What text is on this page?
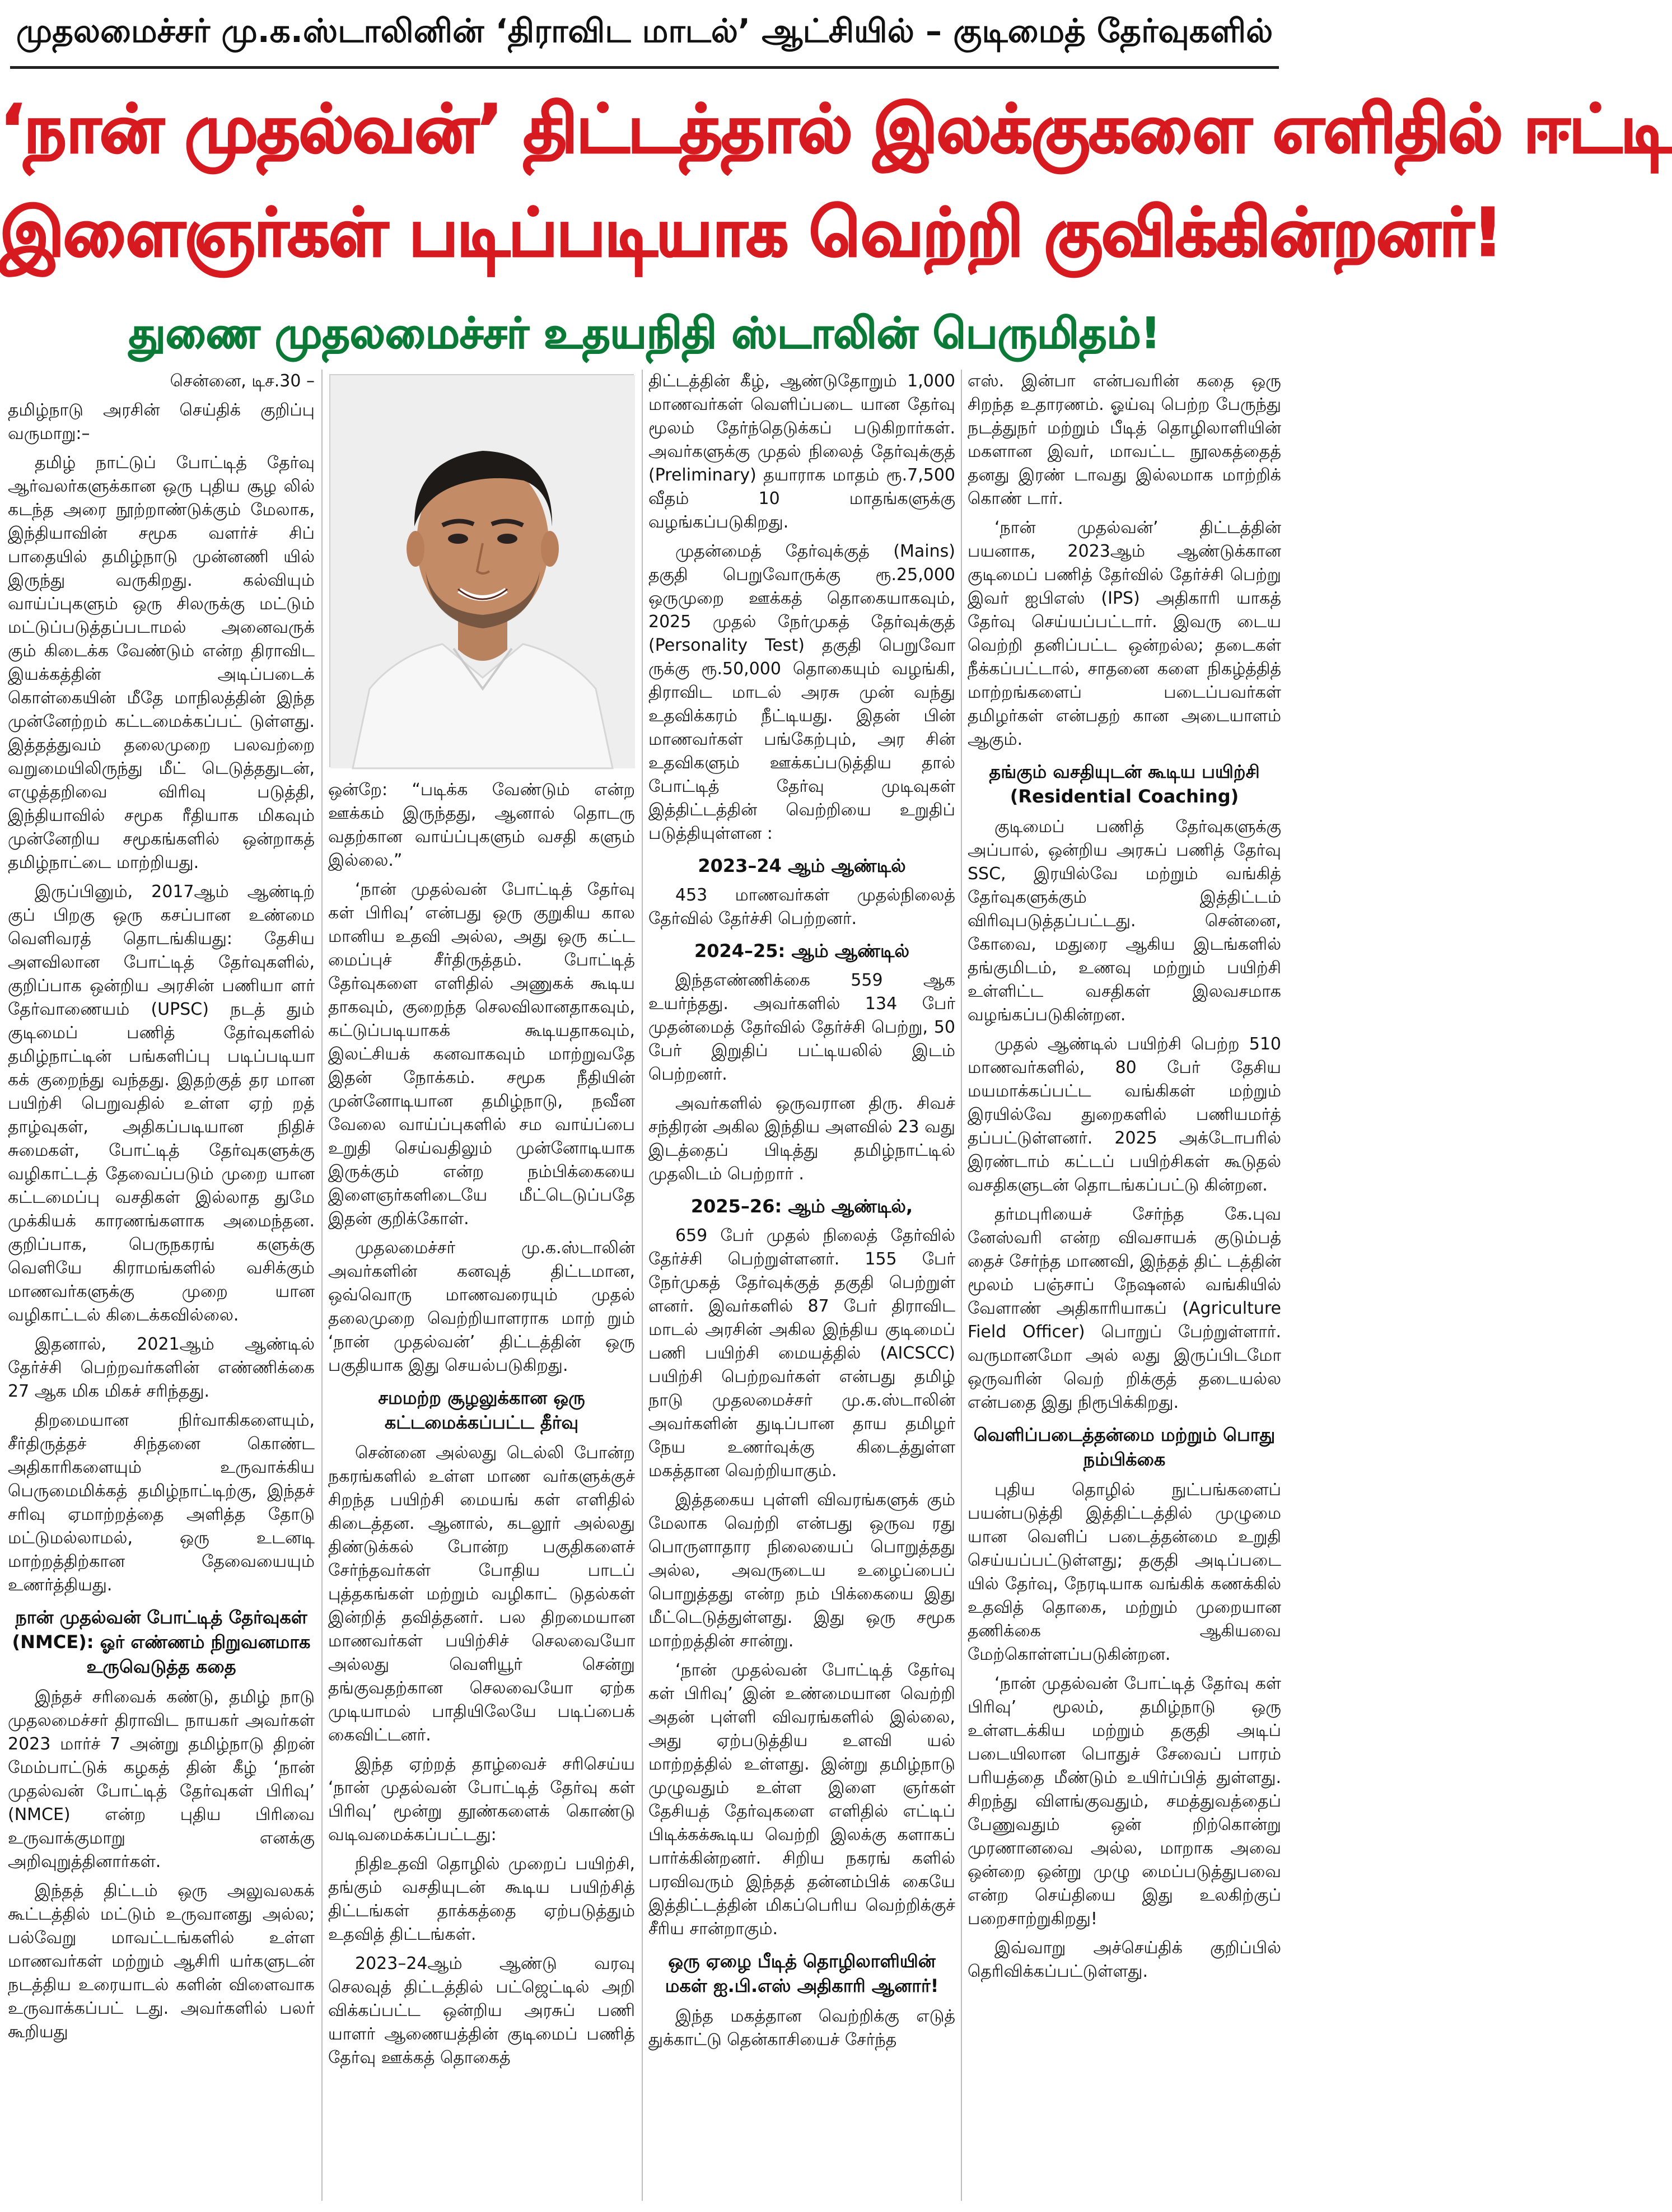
முதலமைச்சர் மு.க.ஸ்டாலினின் ‘திராவிட மாடல்’ ஆட்சியில் – குடிமைத் தேர்வுகளில்
‘நான் முதல்வன்’ திட்டத்தால் இலக்குகளை எளிதில் ஈட்டி
இளைஞர்கள் படிப்படியாக வெற்றி குவிக்கின்றனர்!
துணை முதலமைச்சர் உதயநிதி ஸ்டாலின் பெருமிதம்!

சென்னை, டிச.30 –

தமிழ்நாடு அரசின் செய்திக் குறிப்பு வருமாறு:–

தமிழ் நாட்டுப் போட்டித் தேர்வு ஆர்வலர்களுக்கான ஒரு புதிய சூழ லில் கடந்த அரை நூற்றாண்டுக்கும் மேலாக, இந்தியாவின் சமூக வளர்ச் சிப் பாதையில் தமிழ்நாடு முன்னணி யில் இருந்து வருகிறது. கல்வியும் வாய்ப்புகளும் ஒரு சிலருக்கு மட்டும் மட்டுப்படுத்தப்படாமல் அனைவருக் கும் கிடைக்க வேண்டும் என்ற திராவிட இயக்கத்தின் அடிப்படைக் கொள்கையின் மீதே மாநிலத்தின் இந்த முன்னேற்றம் கட்டமைக்கப்பட் டுள்ளது. இத்தத்துவம் தலைமுறை பலவற்றை வறுமையிலிருந்து மீட் டெடுத்ததுடன், எழுத்தறிவை விரிவு படுத்தி, இந்தியாவில் சமூக ரீதியாக மிகவும் முன்னேறிய சமூகங்களில் ஒன்றாகத் தமிழ்நாட்டை மாற்றியது.

இருப்பினும், 2017ஆம் ஆண்டிற் குப் பிறகு ஒரு கசப்பான உண்மை வெளிவரத் தொடங்கியது: தேசிய அளவிலான போட்டித் தேர்வுகளில், குறிப்பாக ஒன்றிய அரசின் பணியா ளர் தேர்வாணையம் (UPSC) நடத் தும் குடிமைப் பணித் தேர்வுகளில் தமிழ்நாட்டின் பங்களிப்பு படிப்படியா கக் குறைந்து வந்தது. இதற்குத் தர மான பயிற்சி பெறுவதில் உள்ள ஏற் றத் தாழ்வுகள், அதிகப்படியான நிதிச் சுமைகள், போட்டித் தேர்வுகளுக்கு வழிகாட்டத் தேவைப்படும் முறை யான கட்டமைப்பு வசதிகள் இல்லாத துமே முக்கியக் காரணங்களாக அமைந்தன. குறிப்பாக, பெருநகரங் களுக்கு வெளியே கிராமங்களில் வசிக்கும் மாணவர்களுக்கு முறை யான வழிகாட்டல் கிடைக்கவில்லை.

இதனால், 2021ஆம் ஆண்டில் தேர்ச்சி பெற்றவர்களின் எண்ணிக்கை 27 ஆக மிக மிகச் சரிந்தது.

திறமையான நிர்வாகிகளையும், சீர்திருத்தச் சிந்தனை கொண்ட அதிகாரிகளையும் உருவாக்கிய பெருமைமிக்கத் தமிழ்நாட்டிற்கு, இந்தச் சரிவு ஏமாற்றத்தை அளித்த தோடு மட்டுமல்லாமல், ஒரு உடனடி மாற்றத்திற்கான தேவையையும் உணர்த்தியது.

நான் முதல்வன் போட்டித் தேர்வுகள் (NMCE): ஓர் எண்ணம் நிறுவனமாக உருவெடுத்த கதை

இந்தச் சரிவைக் கண்டு, தமிழ் நாடு முதலமைச்சர் திராவிட நாயகர் அவர்கள் 2023 மார்ச் 7 அன்று தமிழ்நாடு திறன் மேம்பாட்டுக் கழகத் தின் கீழ் ‘நான் முதல்வன் போட்டித் தேர்வுகள் பிரிவு’ (NMCE) என்ற புதிய பிரிவை உருவாக்குமாறு எனக்கு அறிவுறுத்தினார்கள்.

இந்தத் திட்டம் ஒரு அலுவலகக் கூட்டத்தில் மட்டும் உருவானது அல்ல; பல்வேறு மாவட்டங்களில் உள்ள மாணவர்கள் மற்றும் ஆசிரி யர்களுடன் நடத்திய உரையாடல் களின் விளைவாக உருவாக்கப்பட் டது. அவர்களில் பலர் கூறியது

ஒன்றே: “படிக்க வேண்டும் என்ற ஊக்கம் இருந்தது, ஆனால் தொடரு வதற்கான வாய்ப்புகளும் வசதி களும் இல்லை.”

‘நான் முதல்வன் போட்டித் தேர்வு கள் பிரிவு’ என்பது ஒரு குறுகிய கால மானிய உதவி அல்ல, அது ஒரு கட்ட மைப்புச் சீர்திருத்தம். போட்டித் தேர்வுகளை எளிதில் அணுகக் கூடிய தாகவும், குறைந்த செலவிலானதாகவும், கட்டுப்படியாகக் கூடியதாகவும், இலட்சியக் கனவாகவும் மாற்றுவதே இதன் நோக்கம். சமூக நீதியின் முன்னோடியான தமிழ்நாடு, நவீன வேலை வாய்ப்புகளில் சம வாய்ப்பை உறுதி செய்வதிலும் முன்னோடியாக இருக்கும் என்ற நம்பிக்கையை இளைஞர்களிடையே மீட்டெடுப்பதே இதன் குறிக்கோள்.

முதலமைச்சர் மு.க.ஸ்டாலின் அவர்களின் கனவுத் திட்டமான, ஒவ்வொரு மாணவரையும் முதல் தலைமுறை வெற்றியாளராக மாற் றும் ‘நான் முதல்வன்’ திட்டத்தின் ஒரு பகுதியாக இது செயல்படுகிறது.

சமமற்ற சூழலுக்கான ஒரு கட்டமைக்கப்பட்ட தீர்வு

சென்னை அல்லது டெல்லி போன்ற நகரங்களில் உள்ள மாண வர்களுக்குச் சிறந்த பயிற்சி மையங் கள் எளிதில் கிடைத்தன. ஆனால், கடலூர் அல்லது திண்டுக்கல் போன்ற பகுதிகளைச் சேர்ந்தவர்கள் போதிய பாடப் புத்தகங்கள் மற்றும் வழிகாட் டுதல்கள் இன்றித் தவித்தனர். பல திறமையான மாணவர்கள் பயிற்சிச் செலவையோ அல்லது வெளியூர் சென்று தங்குவதற்கான செலவையோ ஏற்க முடியாமல் பாதியிலேயே படிப்பைக் கைவிட்டனர்.

இந்த ஏற்றத் தாழ்வைச் சரிசெய்ய ‘நான் முதல்வன் போட்டித் தேர்வு கள் பிரிவு’ மூன்று தூண்களைக் கொண்டு வடிவமைக்கப்பட்டது:

நிதிஉதவி தொழில் முறைப் பயிற்சி, தங்கும் வசதியுடன் கூடிய பயிற்சித் திட்டங்கள் தாக்கத்தை ஏற்படுத்தும் உதவித் திட்டங்கள்.

2023–24ஆம் ஆண்டு வரவு செலவுத் திட்டத்தில் பட்ஜெட்டில் அறி விக்கப்பட்ட ஒன்றிய அரசுப் பணி யாளர் ஆணையத்தின் குடிமைப் பணித் தேர்வு ஊக்கத் தொகைத்

திட்டத்தின் கீழ், ஆண்டுதோறும் 1,000 மாணவர்கள் வெளிப்படை யான தேர்வு மூலம் தேர்ந்தெடுக்கப் படுகிறார்கள். அவர்களுக்கு முதல் நிலைத் தேர்வுக்குத் (Preliminary) தயாராக மாதம் ரூ.7,500 வீதம் 10 மாதங்களுக்கு வழங்கப்படுகிறது.

முதன்மைத் தேர்வுக்குத் (Mains) தகுதி பெறுவோருக்கு ரூ.25,000 ஒருமுறை ஊக்கத் தொகையாகவும், 2025 முதல் நேர்முகத் தேர்வுக்குத் (Personality Test) தகுதி பெறுவோ ருக்கு ரூ.50,000 தொகையும் வழங்கி, திராவிட மாடல் அரசு முன் வந்து உதவிக்கரம் நீட்டியது. இதன் பின் மாணவர்கள் பங்கேற்பும், அர சின் உதவிகளும் ஊக்கப்படுத்திய தால் போட்டித் தேர்வு முடிவுகள் இத்திட்டத்தின் வெற்றியை உறுதிப் படுத்தியுள்ளன :

2023–24 ஆம் ஆண்டில்

453 மாணவர்கள் முதல்நிலைத் தேர்வில் தேர்ச்சி பெற்றனர்.

2024–25: ஆம் ஆண்டில்

இந்தஎண்ணிக்கை 559 ஆக உயர்ந்தது. அவர்களில் 134 பேர் முதன்மைத் தேர்வில் தேர்ச்சி பெற்று, 50 பேர் இறுதிப் பட்டியலில் இடம் பெற்றனர்.

அவர்களில் ஒருவரான திரு. சிவச் சந்திரன் அகில இந்திய அளவில் 23 வது இடத்தைப் பிடித்து தமிழ்நாட்டில் முதலிடம் பெற்றார் .

2025–26: ஆம் ஆண்டில்,

659 பேர் முதல் நிலைத் தேர்வில் தேர்ச்சி பெற்றுள்ளனர். 155 பேர் நேர்முகத் தேர்வுக்குத் தகுதி பெற்றுள் ளனர். இவர்களில் 87 பேர் திராவிட மாடல் அரசின் அகில இந்திய குடிமைப் பணி பயிற்சி மையத்தில் (AICSCC) பயிற்சி பெற்றவர்கள் என்பது தமிழ் நாடு முதலமைச்சர் மு.க.ஸ்டாலின் அவர்களின் துடிப்பான தாய தமிழர் நேய உணர்வுக்கு கிடைத்துள்ள மகத்தான வெற்றியாகும்.

இத்தகைய புள்ளி விவரங்களுக் கும் மேலாக வெற்றி என்பது ஒருவ ரது பொருளாதார நிலையைப் பொறுத்தது அல்ல, அவருடைய உழைப்பைப் பொறுத்தது என்ற நம் பிக்கையை இது மீட்டெடுத்துள்ளது. இது ஒரு சமூக மாற்றத்தின் சான்று.

‘நான் முதல்வன் போட்டித் தேர்வு கள் பிரிவு’ இன் உண்மையான வெற்றி அதன் புள்ளி விவரங்களில் இல்லை, அது ஏற்படுத்திய உளவி யல் மாற்றத்தில் உள்ளது. இன்று தமிழ்நாடு முழுவதும் உள்ள இளை ஞர்கள் தேசியத் தேர்வுகளை எளிதில் எட்டிப் பிடிக்கக்கூடிய வெற்றி இலக்கு களாகப் பார்க்கின்றனர். சிறிய நகரங் களில் பரவிவரும் இந்தத் தன்னம்பிக் கையே இத்திட்டத்தின் மிகப்பெரிய வெற்றிக்குச் சீரிய சான்றாகும்.

ஒரு ஏழை பீடித் தொழிலாளியின் மகள் ஐ.பி.எஸ் அதிகாரி ஆனார்!

இந்த மகத்தான வெற்றிக்கு எடுத் துக்காட்டு தென்காசியைச் சேர்ந்த

எஸ். இன்பா என்பவரின் கதை ஒரு சிறந்த உதாரணம். ஓய்வு பெற்ற பேருந்து நடத்துநர் மற்றும் பீடித் தொழிலாளியின் மகளான இவர், மாவட்ட நூலகத்தைத் தனது இரண் டாவது இல்லமாக மாற்றிக் கொண் டார்.

‘நான் முதல்வன்’ திட்டத்தின் பயனாக, 2023ஆம் ஆண்டுக்கான குடிமைப் பணித் தேர்வில் தேர்ச்சி பெற்று இவர் ஐபிஎஸ் (IPS) அதிகாரி யாகத் தேர்வு செய்யப்பட்டார். இவரு டைய வெற்றி தனிப்பட்ட ஒன்றல்ல; தடைகள் நீக்கப்பட்டால், சாதனை களை நிகழ்த்தித் மாற்றங்களைப் படைப்பவர்கள் தமிழர்கள் என்பதற் கான அடையாளம் ஆகும்.

தங்கும் வசதியுடன் கூடிய பயிற்சி (Residential Coaching)

குடிமைப் பணித் தேர்வுகளுக்கு அப்பால், ஒன்றிய அரசுப் பணித் தேர்வு SSC, இரயில்வே மற்றும் வங்கித் தேர்வுகளுக்கும் இத்திட்டம் விரிவுபடுத்தப்பட்டது. சென்னை, கோவை, மதுரை ஆகிய இடங்களில் தங்குமிடம், உணவு மற்றும் பயிற்சி உள்ளிட்ட வசதிகள் இலவசமாக வழங்கப்படுகின்றன.

முதல் ஆண்டில் பயிற்சி பெற்ற 510 மாணவர்களில், 80 பேர் தேசிய மயமாக்கப்பட்ட வங்கிகள் மற்றும் இரயில்வே துறைகளில் பணியமர்த் தப்பட்டுள்ளனர். 2025 அக்டோபரில் இரண்டாம் கட்டப் பயிற்சிகள் கூடுதல் வசதிகளுடன் தொடங்கப்பட்டு கின்றன.

தர்மபுரியைச் சேர்ந்த கே.புவ னேஸ்வரி என்ற விவசாயக் குடும்பத் தைச் சேர்ந்த மாணவி, இந்தத் திட் டத்தின் மூலம் பஞ்சாப் நேஷனல் வங்கியில் வேளாண் அதிகாரியாகப் (Agriculture Field Officer) பொறுப் பேற்றுள்ளார். வருமானமோ அல் லது இருப்பிடமோ ஒருவரின் வெற் றிக்குத் தடையல்ல என்பதை இது நிரூபிக்கிறது.

வெளிப்படைத்தன்மை மற்றும் பொது நம்பிக்கை

புதிய தொழில் நுட்பங்களைப் பயன்படுத்தி இத்திட்டத்தில் முழுமை யான வெளிப் படைத்தன்மை உறுதி செய்யப்பட்டுள்ளது; தகுதி அடிப்படை யில் தேர்வு, நேரடியாக வங்கிக் கணக்கில் உதவித் தொகை, மற்றும் முறையான தணிக்கை ஆகியவை மேற்கொள்ளப்படுகின்றன.

‘நான் முதல்வன் போட்டித் தேர்வு கள் பிரிவு’ மூலம், தமிழ்நாடு ஒரு உள்ளடக்கிய மற்றும் தகுதி அடிப் படையிலான பொதுச் சேவைப் பாரம் பரியத்தை மீண்டும் உயிர்ப்பித் துள்ளது. சிறந்து விளங்குவதும், சமத்துவத்தைப் பேணுவதும் ஒன் றிற்கொன்று முரணானவை அல்ல, மாறாக அவை ஒன்றை ஒன்று முழு மைப்படுத்துபவை என்ற செய்தியை இது உலகிற்குப் பறைசாற்றுகிறது!

இவ்வாறு அச்செய்திக் குறிப்பில் தெரிவிக்கப்பட்டுள்ளது.
